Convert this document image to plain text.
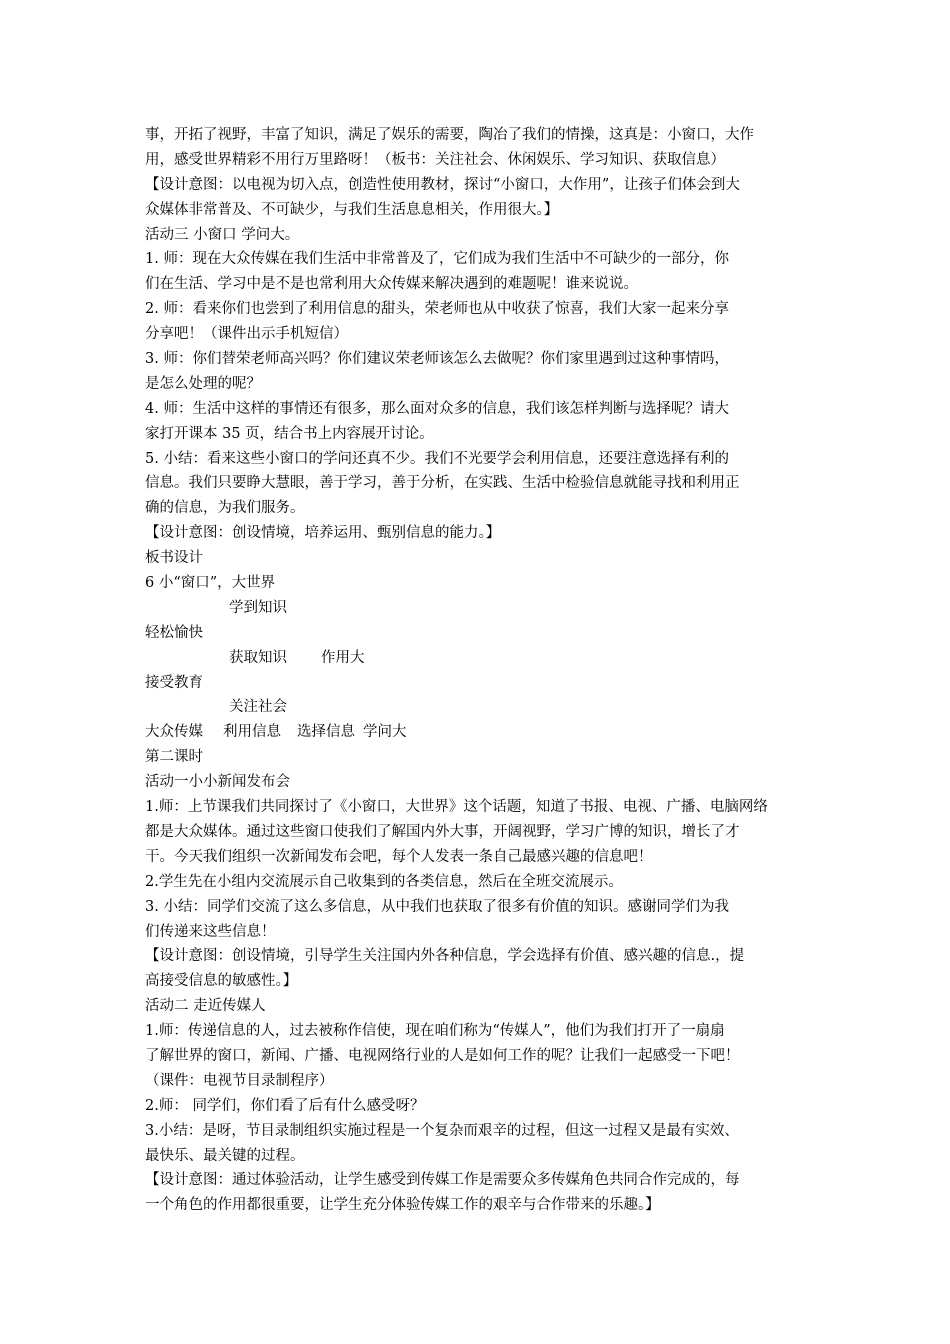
事，开拓了视野，丰富了知识，满足了娱乐的需要，陶冶了我们的情操，这真是：小窗口，大作
用，感受世界精彩不用行万里路呀！（板书：关注社会、休闲娱乐、学习知识、获取信息）
【设计意图：以电视为切入点，创造性使用教材，探讨“小窗口，大作用”，让孩子们体会到大
众媒体非常普及、不可缺少，与我们生活息息相关，作用很大。】
活动三 小窗口 学问大。
1. 师：现在大众传媒在我们生活中非常普及了，它们成为我们生活中不可缺少的一部分，你
们在生活、学习中是不是也常利用大众传媒来解决遇到的难题呢！谁来说说。
2. 师：看来你们也尝到了利用信息的甜头，荣老师也从中收获了惊喜，我们大家一起来分享
分享吧！（课件出示手机短信）
3. 师：你们替荣老师高兴吗？你们建议荣老师该怎么去做呢？你们家里遇到过这种事情吗，
是怎么处理的呢？
4. 师：生活中这样的事情还有很多，那么面对众多的信息，我们该怎样判断与选择呢？请大
家打开课本 35 页，结合书上内容展开讨论。
5. 小结：看来这些小窗口的学问还真不少。我们不光要学会利用信息，还要注意选择有利的
信息。我们只要睁大慧眼，善于学习，善于分析，在实践、生活中检验信息就能寻找和利用正
确的信息，为我们服务。
【设计意图：创设情境，培养运用、甄别信息的能力。】
板书设计
6 小“窗口”，大世界
学到知识
轻松愉快
获取知识 作用大
接受教育
关注社会
大众传媒 利用信息 选择信息 学问大
第二课时
活动一小小新闻发布会
1.师：上节课我们共同探讨了《小窗口，大世界》这个话题，知道了书报、电视、广播、电脑网络
都是大众媒体。通过这些窗口使我们了解国内外大事，开阔视野，学习广博的知识，增长了才
干。今天我们组织一次新闻发布会吧，每个人发表一条自己最感兴趣的信息吧！
2.学生先在小组内交流展示自己收集到的各类信息，然后在全班交流展示。
3. 小结：同学们交流了这么多信息，从中我们也获取了很多有价值的知识。感谢同学们为我
们传递来这些信息！
【设计意图：创设情境，引导学生关注国内外各种信息，学会选择有价值、感兴趣的信息.，提
高接受信息的敏感性。】
活动二 走近传媒人
1.师：传递信息的人，过去被称作信使，现在咱们称为“传媒人”，他们为我们打开了一扇扇
了解世界的窗口，新闻、广播、电视网络行业的人是如何工作的呢？让我们一起感受一下吧！
（课件：电视节目录制程序）
2.师： 同学们，你们看了后有什么感受呀？
3.小结：是呀，节目录制组织实施过程是一个复杂而艰辛的过程，但这一过程又是最有实效、
最快乐、最关键的过程。
【设计意图：通过体验活动，让学生感受到传媒工作是需要众多传媒角色共同合作完成的，每
一个角色的作用都很重要，让学生充分体验传媒工作的艰辛与合作带来的乐趣。】
